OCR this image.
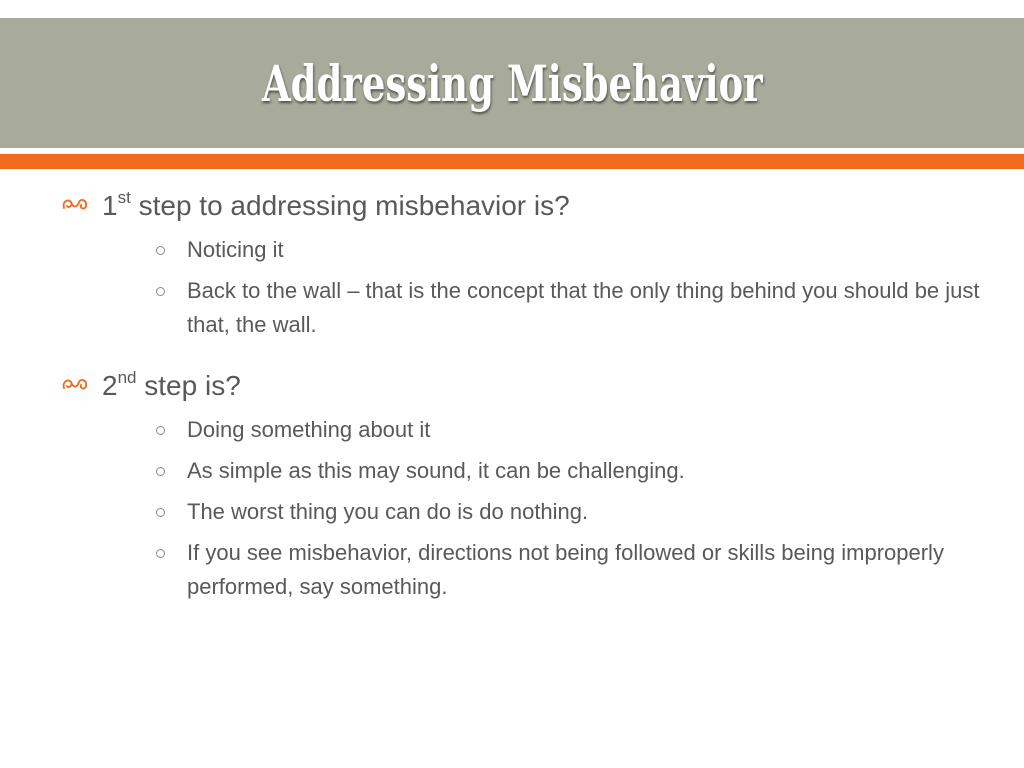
Addressing Misbehavior
1st step to addressing misbehavior is?
Noticing it
Back to the wall – that is the concept that the only thing behind you should be just that, the wall.
2nd step is?
Doing something about it
As simple as this may sound, it can be challenging.
The worst thing you can do is do nothing.
If you see misbehavior, directions not being followed or skills being improperly performed, say something.
